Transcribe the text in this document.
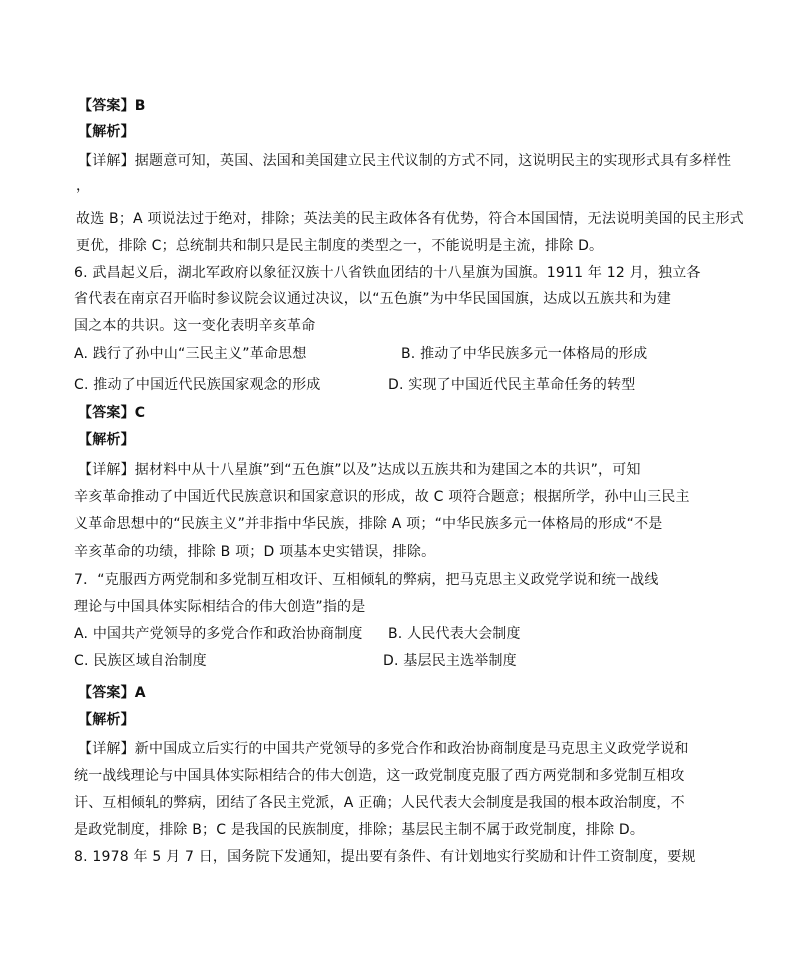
【答案】B
【解析】
【详解】据题意可知，英国、法国和美国建立民主代议制的方式不同，这说明民主的实现形式具有多样性
，
故选 B；A 项说法过于绝对，排除；英法美的民主政体各有优势，符合本国国情，无法说明美国的民主形式
更优，排除 C；总统制共和制只是民主制度的类型之一，不能说明是主流，排除 D。
6. 武昌起义后，湖北军政府以象征汉族十八省铁血团结的十八星旗为国旗。1911 年 12 月，独立各
省代表在南京召开临时参议院会议通过决议，以“五色旗”为中华民国国旗，达成以五族共和为建
国之本的共识。这一变化表明辛亥革命
A. 践行了孙中山“三民主义”革命思想	B. 推动了中华民族多元一体格局的形成
C. 推动了中国近代民族国家观念的形成	D. 实现了中国近代民主革命任务的转型
【答案】C
【解析】
【详解】据材料中从十八星旗”到“五色旗”以及”达成以五族共和为建国之本的共识”，可知
辛亥革命推动了中国近代民族意识和国家意识的形成，故 C 项符合题意；根据所学，孙中山三民主
义革命思想中的“民族主义”并非指中华民族，排除 A 项；“中华民族多元一体格局的形成“不是
辛亥革命的功绩，排除 B 项；D 项基本史实错误，排除。
7．“克服西方两党制和多党制互相攻讦、互相倾轧的弊病，把马克思主义政党学说和统一战线
理论与中国具体实际相结合的伟大创造”指的是
A. 中国共产党领导的多党合作和政治协商制度 B. 人民代表大会制度
C. 民族区域自治制度	D. 基层民主选举制度
【答案】A
【解析】
【详解】新中国成立后实行的中国共产党领导的多党合作和政治协商制度是马克思主义政党学说和
统一战线理论与中国具体实际相结合的伟大创造，这一政党制度克服了西方两党制和多党制互相攻
讦、互相倾轧的弊病，团结了各民主党派，A 正确；人民代表大会制度是我国的根本政治制度，不
是政党制度，排除 B；C 是我国的民族制度，排除；基层民主制不属于政党制度，排除 D。
8. 1978 年 5 月 7 日，国务院下发通知，提出要有条件、有计划地实行奖励和计件工资制度，要规
